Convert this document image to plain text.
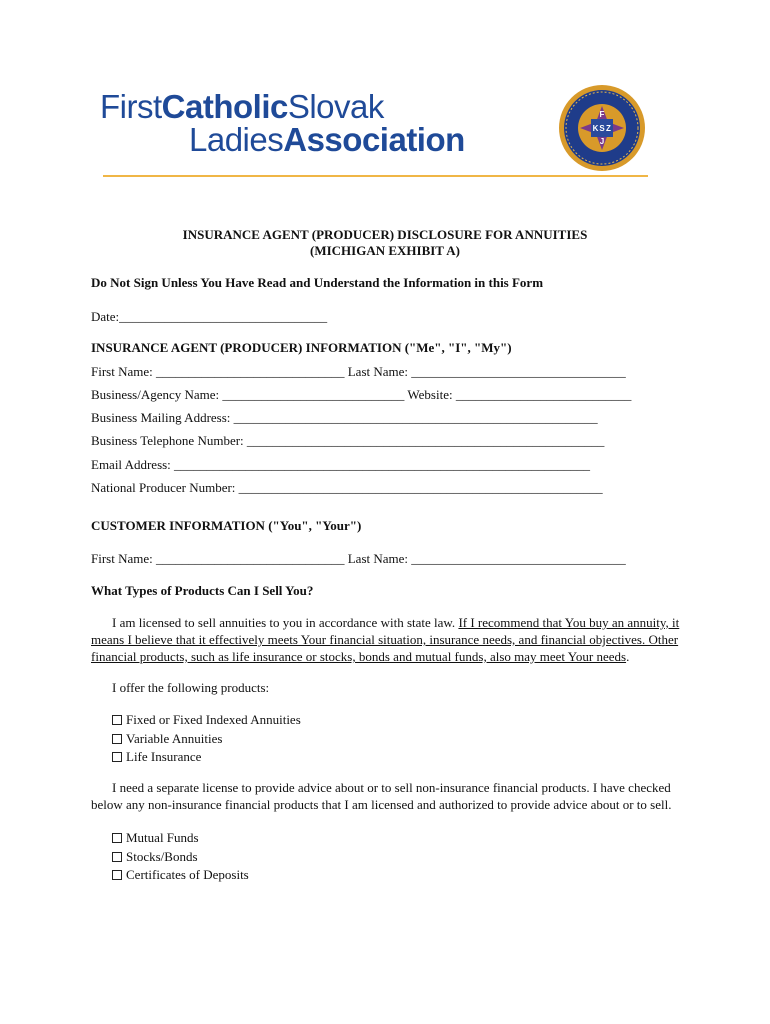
FirstCatholicSlovak
LadiesAssociation
F
K S Z
J
INSURANCE AGENT (PRODUCER) DISCLOSURE FOR ANNUITIES
(MICHIGAN EXHIBIT A)
Do Not Sign Unless You Have Read and Understand the Information in this Form
Date:________________________________
INSURANCE AGENT (PRODUCER) INFORMATION ("Me", "I", "My")
First Name: _____________________________ Last Name: _________________________________
Business/Agency Name: ____________________________ Website: ___________________________
Business Mailing Address: ________________________________________________________
Business Telephone Number: _______________________________________________________
Email Address: ________________________________________________________________
National Producer Number: ________________________________________________________
CUSTOMER INFORMATION ("You", "Your")
First Name: _____________________________ Last Name: _________________________________
What Types of Products Can I Sell You?
I am licensed to sell annuities to you in accordance with state law. If I recommend that You buy an annuity, it means I believe that it effectively meets Your financial situation, insurance needs, and financial objectives. Other financial products, such as life insurance or stocks, bonds and mutual funds, also may meet Your needs.
I offer the following products:
Fixed or Fixed Indexed Annuities
Variable Annuities
Life Insurance
I need a separate license to provide advice about or to sell non-insurance financial products. I have checked below any non-insurance financial products that I am licensed and authorized to provide advice about or to sell.
Mutual Funds
Stocks/Bonds
Certificates of Deposits
